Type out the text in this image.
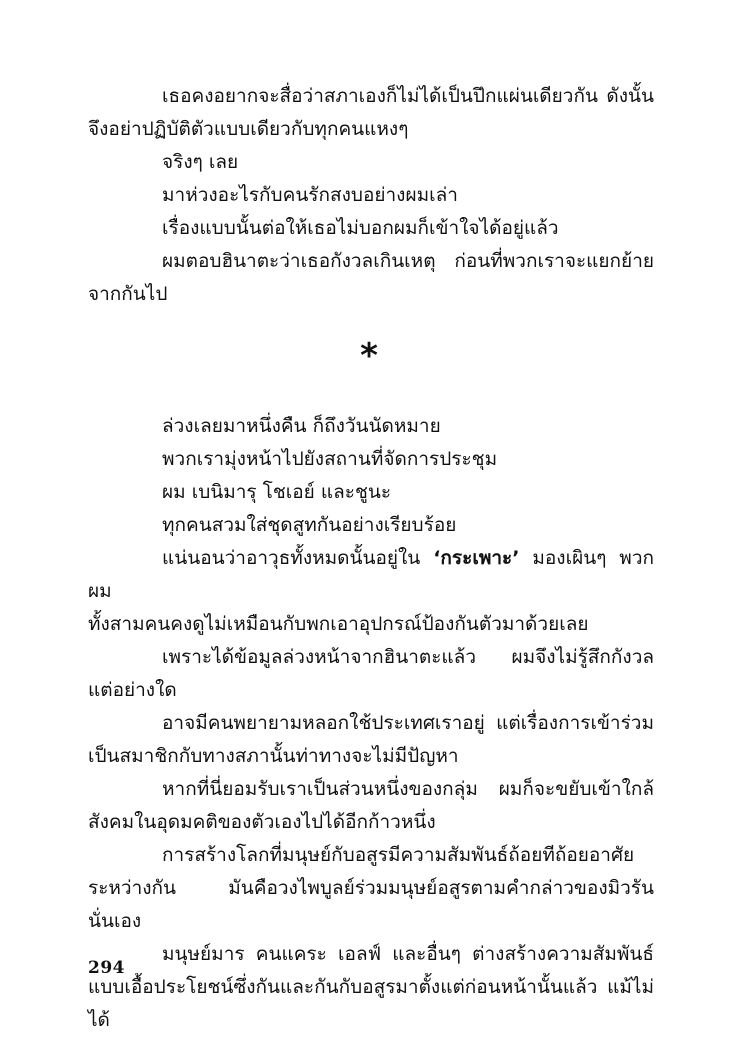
เธอคงอยากจะสื่อว่าสภาเองก็ไม่ได้เป็นปึกแผ่นเดียวกัน ดังนั้น

จึงอย่าปฏิบัติตัวแบบเดียวกับทุกคนแหงๆ

จริงๆ เลย

มาห่วงอะไรกับคนรักสงบอย่างผมเล่า

เรื่องแบบนั้นต่อให้เธอไม่บอกผมก็เข้าใจได้อยู่แล้ว

ผมตอบฮินาตะว่าเธอกังวลเกินเหตุ ก่อนที่พวกเราจะแยกย้าย

จากกันไป

*

ล่วงเลยมาหนึ่งคืน ก็ถึงวันนัดหมาย

พวกเรามุ่งหน้าไปยังสถานที่จัดการประชุม

ผม เบนิมารุ โชเอย์ และชูนะ

ทุกคนสวมใส่ชุดสูทกันอย่างเรียบร้อย

แน่นอนว่าอาวุธทั้งหมดนั้นอยู่ใน ‘กระเพาะ’ มองเผินๆ พวกผม

ทั้งสามคนคงดูไม่เหมือนกับพกเอาอุปกรณ์ป้องกันตัวมาด้วยเลย

เพราะได้ข้อมูลล่วงหน้าจากฮินาตะแล้ว ผมจึงไม่รู้สึกกังวล

แต่อย่างใด

อาจมีคนพยายามหลอกใช้ประเทศเราอยู่ แต่เรื่องการเข้าร่วม

เป็นสมาชิกกับทางสภานั้นท่าทางจะไม่มีปัญหา

หากที่นี่ยอมรับเราเป็นส่วนหนึ่งของกลุ่ม ผมก็จะขยับเข้าใกล้

สังคมในอุดมคติของตัวเองไปได้อีกก้าวหนึ่ง

การสร้างโลกที่มนุษย์กับอสูรมีความสัมพันธ์ถ้อยทีถ้อยอาศัย

ระหว่างกัน มันคือวงไพบูลย์ร่วมมนุษย์อสูรตามคำกล่าวของมิวรันนั่นเอง

มนุษย์มาร คนแคระ เอลฟ์ และอื่นๆ ต่างสร้างความสัมพันธ์

แบบเอื้อประโยชน์ซึ่งกันและกันกับอสูรมาตั้งแต่ก่อนหน้านั้นแล้ว แม้ไม่ได้

294
